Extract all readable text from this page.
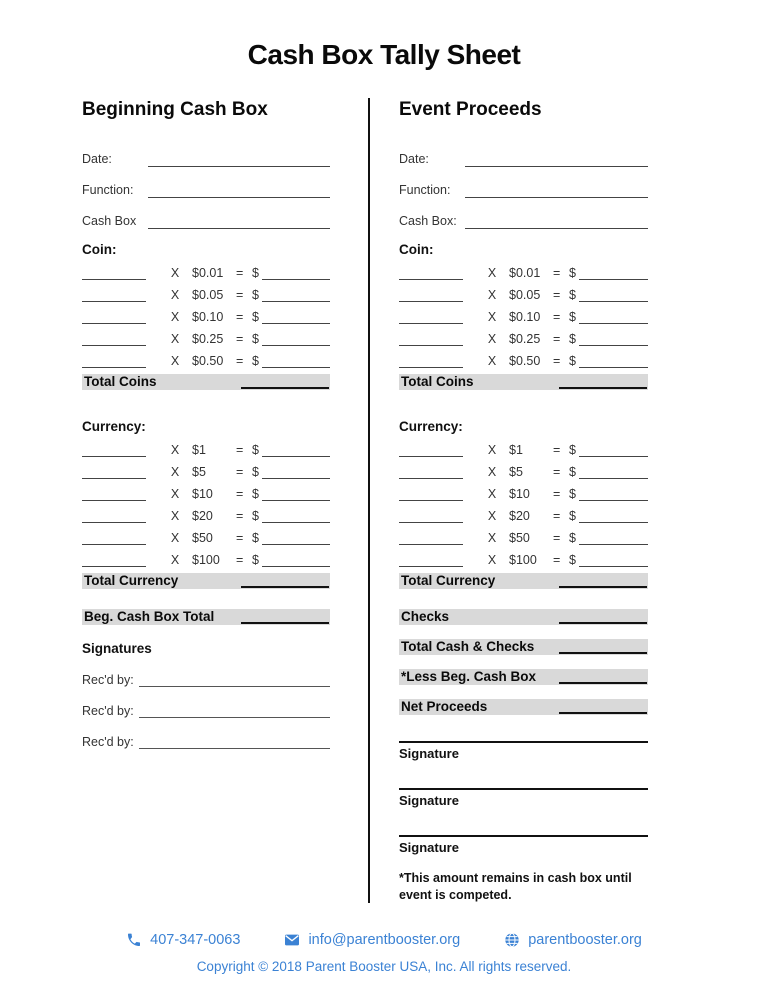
Cash Box Tally Sheet
Beginning Cash Box
Date:
Function:
Cash Box
Coin:
X $0.01	= $
X $0.05	= $
X $0.10	= $
X $0.25	= $
X $0.50	= $
Total Coins
Currency:
X $1	= $
X $5	= $
X $10	= $
X $20	= $
X $50	= $
X $100	= $
Total Currency
Beg. Cash Box Total
Signatures
Rec'd by:
Rec'd by:
Rec'd by:
Event Proceeds
Date:
Function:
Cash Box:
Coin:
X $0.01	= $
X $0.05	= $
X $0.10	= $
X $0.25	= $
X $0.50	= $
Total Coins
Currency:
X $1	= $
X $5	= $
X $10	= $
X $20	= $
X $50	= $
X $100	= $
Total Currency
Checks
Total Cash & Checks
*Less Beg. Cash Box
Net Proceeds
Signature
Signature
Signature
*This amount remains in cash box until event is competed.
407-347-0063	info@parentbooster.org	parentbooster.org
Copyright © 2018 Parent Booster USA, Inc. All rights reserved.
